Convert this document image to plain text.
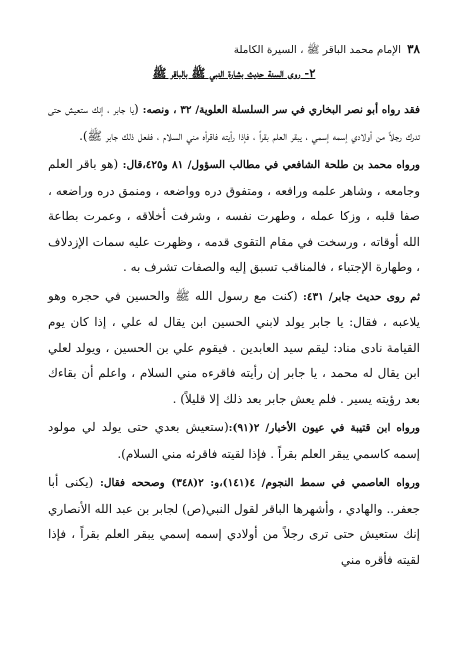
٣٨
الإمام محمد الباقر ﷺ ، السيرة الكاملة
٢- روى السنة حديث بشارة النبي ﷺ بالباقر ﷺ

فقد رواه أبو نصر البخاري في سر السلسلة العلوية/ ٣٢ ، ونصه: (يا جابر ، إنك ستعيش حتى تدرك رجلاً من أولادي إسمه إسمي ، يبقر العلم بقراً ، فإذا رأيته فاقرأه مني السلام ، ففعل ذلك جابر ﷺ).

ورواه محمد بن طلحة الشافعي في مطالب السؤول/ ٨١ و٤٢٥،قال: (هو باقر العلم وجامعه ، وشاهر علمه ورافعه ، ومتفوق دره وواضعه ، ومنمق دره وراضعه ، صفا قلبه ، وزكا عمله ، وطهرت نفسه ، وشرفت أخلاقه ، وعمرت بطاعة الله أوقاته ، ورسخت في مقام التقوى قدمه ، وظهرت عليه سمات الإزدلاف ، وطهارة الإجتباء ، فالمناقب تسبق إليه والصفات تشرف به .

ثم روى حديث جابر/ ٤٣١: (كنت مع رسول الله ﷺ والحسين في حجره وهو يلاعبه ، فقال: يا جابر يولد لابني الحسين ابن يقال له علي ، إذا كان يوم القيامة نادى مناد: ليقم سيد العابدين . فيقوم علي بن الحسين ، ويولد لعلي ابن يقال له محمد ، يا جابر إن رأيته فاقرءه مني السلام ، واعلم أن بقاءك بعد رؤيته يسير . فلم يعش جابر بعد ذلك إلا قليلاً) .

ورواه ابن قتيبة في عيون الأخبار/ ٢(٩١):(ستعيش بعدي حتى يولد لي مولود إسمه كاسمي يبقر العلم بقراً . فإذا لقيته فاقرئه مني السلام).

ورواه العاصمي في سمط النجوم/ ٤(١٤١)،و: ٢(٣٤٨) وصححه فقال: (يكنى أبا جعفر.. والهادي ، وأشهرها الباقر لقول النبي(ص) لجابر بن عبد الله الأنصاري إنك ستعيش حتى ترى رجلاً من أولادي إسمه إسمي يبقر العلم بقراً ، فإذا لقيته فأقره مني
